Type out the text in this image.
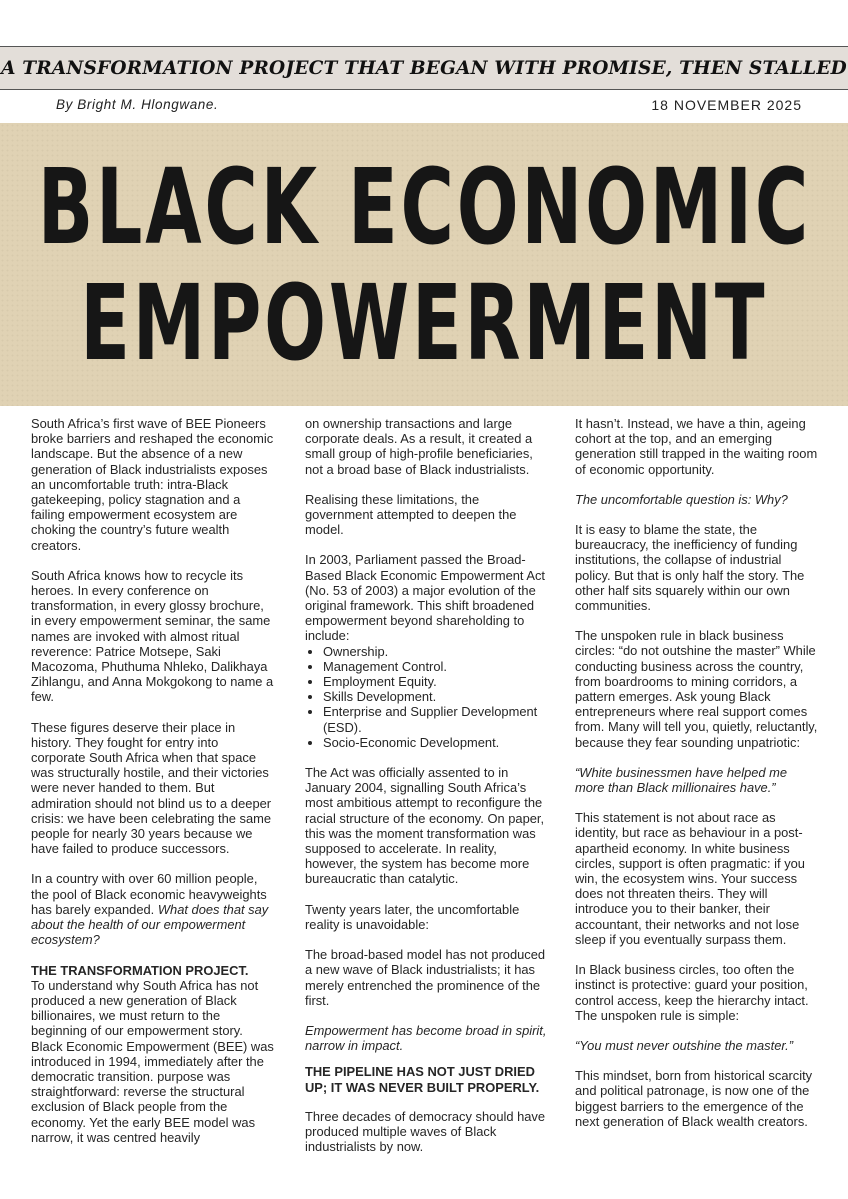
A TRANSFORMATION PROJECT THAT BEGAN WITH PROMISE, THEN STALLED
By Bright M. Hlongwane.	18 NOVEMBER 2025
BLACK ECONOMIC
EMPOWERMENT

South Africa’s first wave of BEE Pioneers broke barriers and reshaped the economic landscape. But the absence of a new generation of Black industrialists exposes an uncomfortable truth: intra-Black gatekeeping, policy stagnation and a failing empowerment ecosystem are choking the country’s future wealth creators.

South Africa knows how to recycle its heroes. In every conference on transformation, in every glossy brochure, in every empowerment seminar, the same names are invoked with almost ritual reverence: Patrice Motsepe, Saki Macozoma, Phuthuma Nhleko, Dalikhaya Zihlangu, and Anna Mokgokong to name a few.

These figures deserve their place in history. They fought for entry into corporate South Africa when that space was structurally hostile, and their victories were never handed to them. But admiration should not blind us to a deeper crisis: we have been celebrating the same people for nearly 30 years because we have failed to produce successors.

In a country with over 60 million people, the pool of Black economic heavyweights has barely expanded. What does that say about the health of our empowerment ecosystem?

THE TRANSFORMATION PROJECT.

To understand why South Africa has not produced a new generation of Black billionaires, we must return to the beginning of our empowerment story. Black Economic Empowerment (BEE) was introduced in 1994, immediately after the democratic transition. purpose was straightforward: reverse the structural exclusion of Black people from the economy. Yet the early BEE model was narrow, it was centred heavily

on ownership transactions and large corporate deals. As a result, it created a small group of high-profile beneficiaries, not a broad base of Black industrialists.

Realising these limitations, the government attempted to deepen the model.

In 2003, Parliament passed the Broad-Based Black Economic Empowerment Act (No. 53 of 2003) a major evolution of the original framework. This shift broadened empowerment beyond shareholding to include:

• Ownership.
• Management Control.
• Employment Equity.
• Skills Development.
• Enterprise and Supplier Development (ESD).
• Socio-Economic Development.

The Act was officially assented to in January 2004, signalling South Africa’s most ambitious attempt to reconfigure the racial structure of the economy. On paper, this was the moment transformation was supposed to accelerate. In reality, however, the system has become more bureaucratic than catalytic.

Twenty years later, the uncomfortable reality is unavoidable:

The broad-based model has not produced a new wave of Black industrialists; it has merely entrenched the prominence of the first.

Empowerment has become broad in spirit, narrow in impact.

THE PIPELINE HAS NOT JUST DRIED UP; IT WAS NEVER BUILT PROPERLY.

Three decades of democracy should have produced multiple waves of Black industrialists by now.

It hasn’t. Instead, we have a thin, ageing cohort at the top, and an emerging generation still trapped in the waiting room of economic opportunity.

The uncomfortable question is: Why?

It is easy to blame the state, the bureaucracy, the inefficiency of funding institutions, the collapse of industrial policy. But that is only half the story. The other half sits squarely within our own communities.

The unspoken rule in black business circles: “do not outshine the master” While conducting business across the country, from boardrooms to mining corridors, a pattern emerges. Ask young Black entrepreneurs where real support comes from. Many will tell you, quietly, reluctantly, because they fear sounding unpatriotic:

“White businessmen have helped me more than Black millionaires have.”

This statement is not about race as identity, but race as behaviour in a post-apartheid economy. In white business circles, support is often pragmatic: if you win, the ecosystem wins. Your success does not threaten theirs. They will introduce you to their banker, their accountant, their networks and not lose sleep if you eventually surpass them.

In Black business circles, too often the instinct is protective: guard your position, control access, keep the hierarchy intact. The unspoken rule is simple:

“You must never outshine the master.”

This mindset, born from historical scarcity and political patronage, is now one of the biggest barriers to the emergence of the next generation of Black wealth creators.
